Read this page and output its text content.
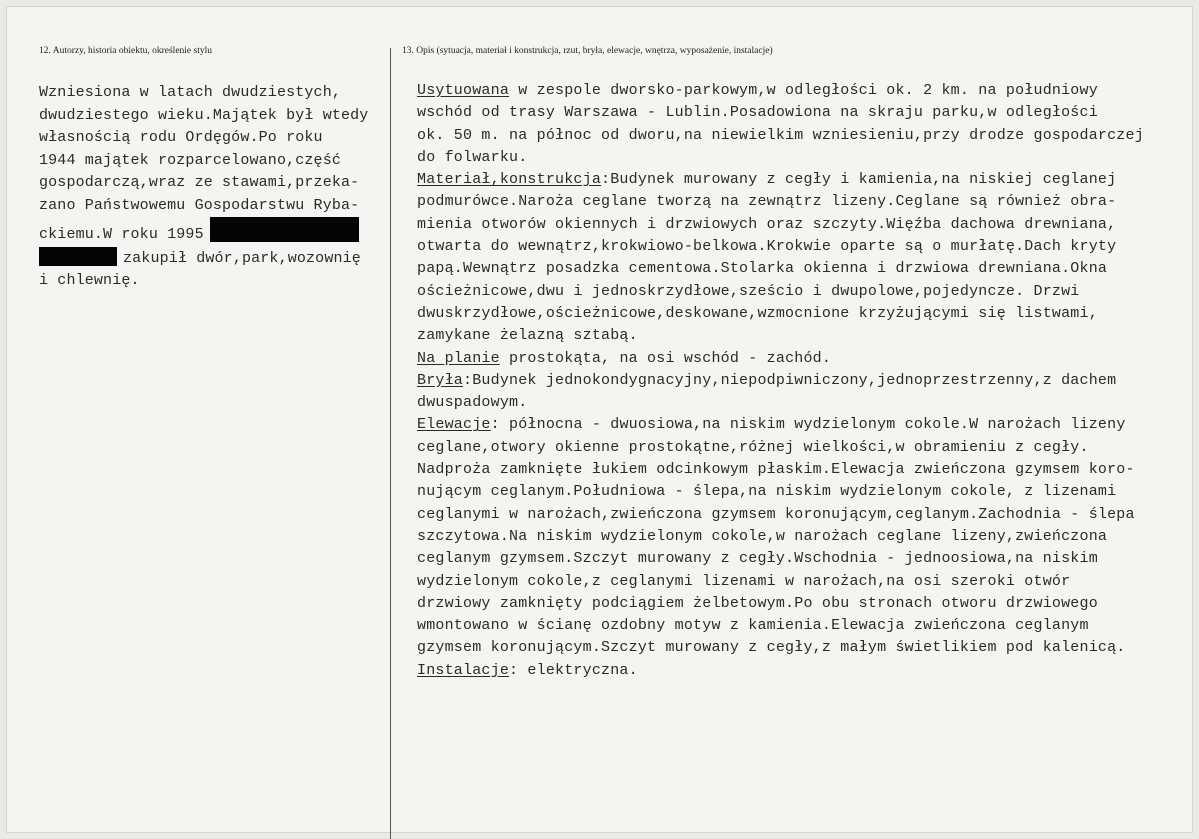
12. Autorzy, historia obiektu, określenie stylu	13. Opis (sytuacja, materiał i konstrukcja, rzut, bryła, elewacje, wnętrza, wyposażenie, instalacje)
Wzniesiona w latach dwudziestych,
dwudziestego wieku.Majątek był wtedy
własnością rodu Ordęgów.Po roku
1944 majątek rozparcelowano,część
gospodarczą,wraz ze stawami,przeka-
zano Państwowemu Gospodarstwu Ryba-
ckiemu.W roku 1995
zakupił dwór,park,wozownię
i chlewnię.
Usytuowana w zespole dworsko-parkowym,w odległości ok. 2 km. na południowy
wschód od trasy Warszawa - Lublin.Posadowiona na skraju parku,w odległości
ok. 50 m. na północ od dworu,na niewielkim wzniesieniu,przy drodze gospodarczej
do folwarku.
Materiał,konstrukcja:Budynek murowany z cegły i kamienia,na niskiej ceglanej
podmurówce.Naroża ceglane tworzą na zewnątrz lizeny.Ceglane są również obra-
mienia otworów okiennych i drzwiowych oraz szczyty.Więźba dachowa drewniana,
otwarta do wewnątrz,krokwiowo-belkowa.Krokwie oparte są o murłatę.Dach kryty
papą.Wewnątrz posadzka cementowa.Stolarka okienna i drzwiowa drewniana.Okna
ościeżnicowe,dwu i jednoskrzydłowe,sześcio i dwupolowe,pojedyncze. Drzwi
dwuskrzydłowe,ościeżnicowe,deskowane,wzmocnione krzyżującymi się listwami,
zamykane żelazną sztabą.
Na planie prostokąta, na osi wschód - zachód.
Bryła:Budynek jednokondygnacyjny,niepodpiwniczony,jednoprzestrzenny,z dachem
dwuspadowym.
Elewacje: północna - dwuosiowa,na niskim wydzielonym cokole.W narożach lizeny
ceglane,otwory okienne prostokątne,różnej wielkości,w obramieniu z cegły.
Nadproża zamknięte łukiem odcinkowym płaskim.Elewacja zwieńczona gzymsem koro-
nującym ceglanym.Południowa - ślepa,na niskim wydzielonym cokole, z lizenami
ceglanymi w narożach,zwieńczona gzymsem koronującym,ceglanym.Zachodnia - ślepa
szczytowa.Na niskim wydzielonym cokole,w narożach ceglane lizeny,zwieńczona
ceglanym gzymsem.Szczyt murowany z cegły.Wschodnia - jednoosiowa,na niskim
wydzielonym cokole,z ceglanymi lizenami w narożach,na osi szeroki otwór
drzwiowy zamknięty podciągiem żelbetowym.Po obu stronach otworu drzwiowego
wmontowano w ścianę ozdobny motyw z kamienia.Elewacja zwieńczona ceglanym
gzymsem koronującym.Szczyt murowany z cegły,z małym świetlikiem pod kalenicą.
Instalacje: elektryczna.
